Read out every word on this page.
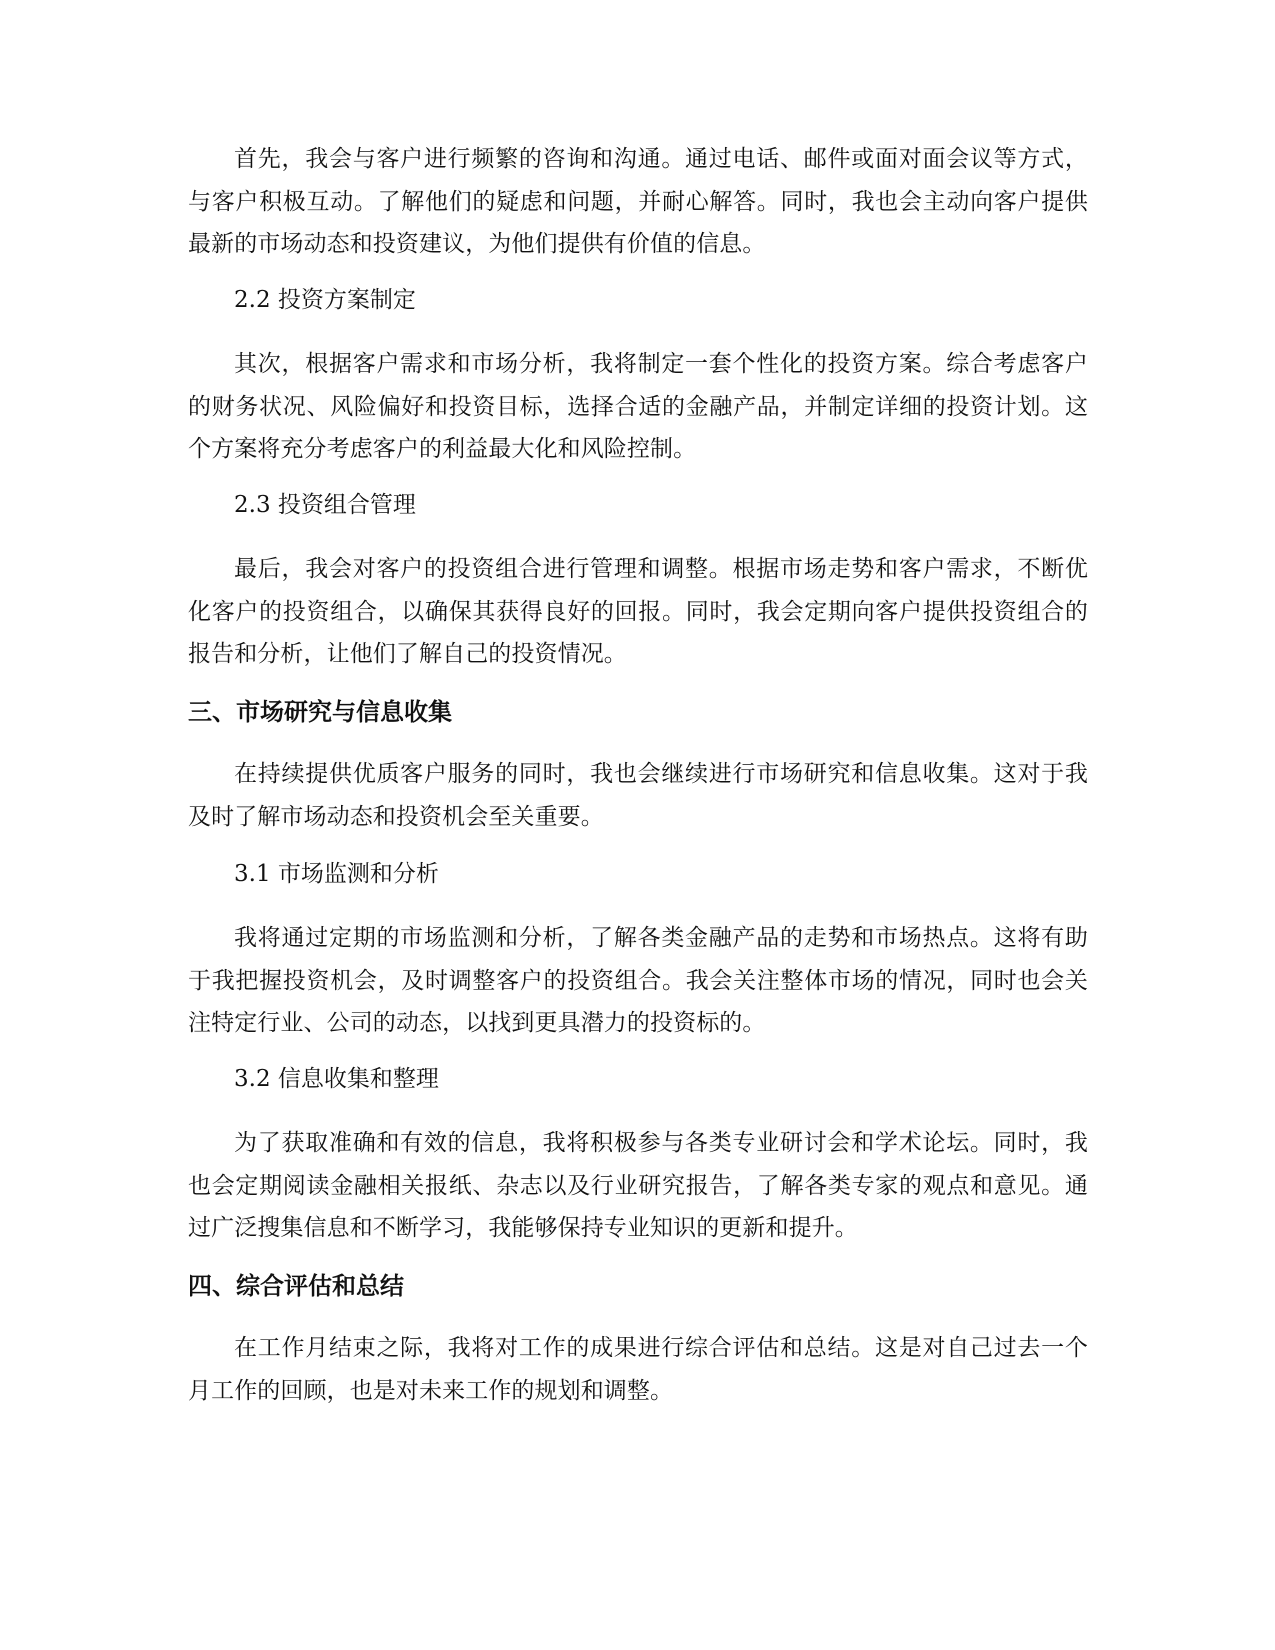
首先，我会与客户进行频繁的咨询和沟通。通过电话、邮件或面对面会议等方式，与客户积极互动。了解他们的疑虑和问题，并耐心解答。同时，我也会主动向客户提供最新的市场动态和投资建议，为他们提供有价值的信息。

2.2 投资方案制定

其次，根据客户需求和市场分析，我将制定一套个性化的投资方案。综合考虑客户的财务状况、风险偏好和投资目标，选择合适的金融产品，并制定详细的投资计划。这个方案将充分考虑客户的利益最大化和风险控制。

2.3 投资组合管理

最后，我会对客户的投资组合进行管理和调整。根据市场走势和客户需求，不断优化客户的投资组合，以确保其获得良好的回报。同时，我会定期向客户提供投资组合的报告和分析，让他们了解自己的投资情况。

三、市场研究与信息收集

在持续提供优质客户服务的同时，我也会继续进行市场研究和信息收集。这对于我及时了解市场动态和投资机会至关重要。

3.1 市场监测和分析

我将通过定期的市场监测和分析，了解各类金融产品的走势和市场热点。这将有助于我把握投资机会，及时调整客户的投资组合。我会关注整体市场的情况，同时也会关注特定行业、公司的动态，以找到更具潜力的投资标的。

3.2 信息收集和整理

为了获取准确和有效的信息，我将积极参与各类专业研讨会和学术论坛。同时，我也会定期阅读金融相关报纸、杂志以及行业研究报告，了解各类专家的观点和意见。通过广泛搜集信息和不断学习，我能够保持专业知识的更新和提升。

四、综合评估和总结

在工作月结束之际，我将对工作的成果进行综合评估和总结。这是对自己过去一个月工作的回顾，也是对未来工作的规划和调整。
